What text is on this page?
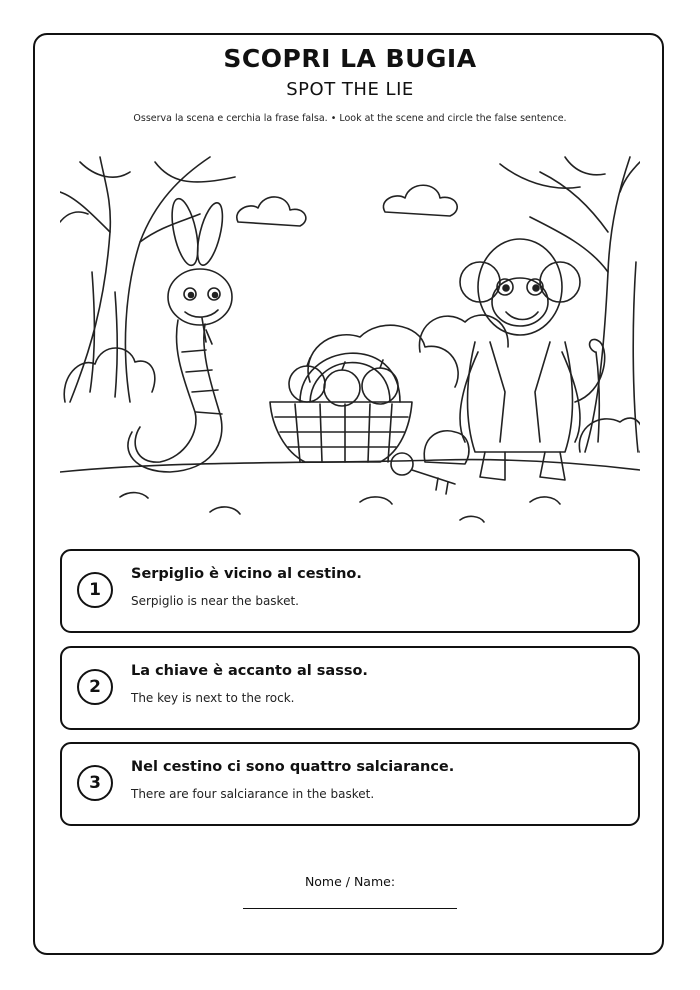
SCOPRI LA BUGIA
SPOT THE LIE
Osserva la scena e cerchia la frase falsa. • Look at the scene and circle the false sentence.
1
Serpiglio è vicino al cestino.
Serpiglio is near the basket.
2
La chiave è accanto al sasso.
The key is next to the rock.
3
Nel cestino ci sono quattro salciarance.
There are four salciarance in the basket.
Nome / Name:
